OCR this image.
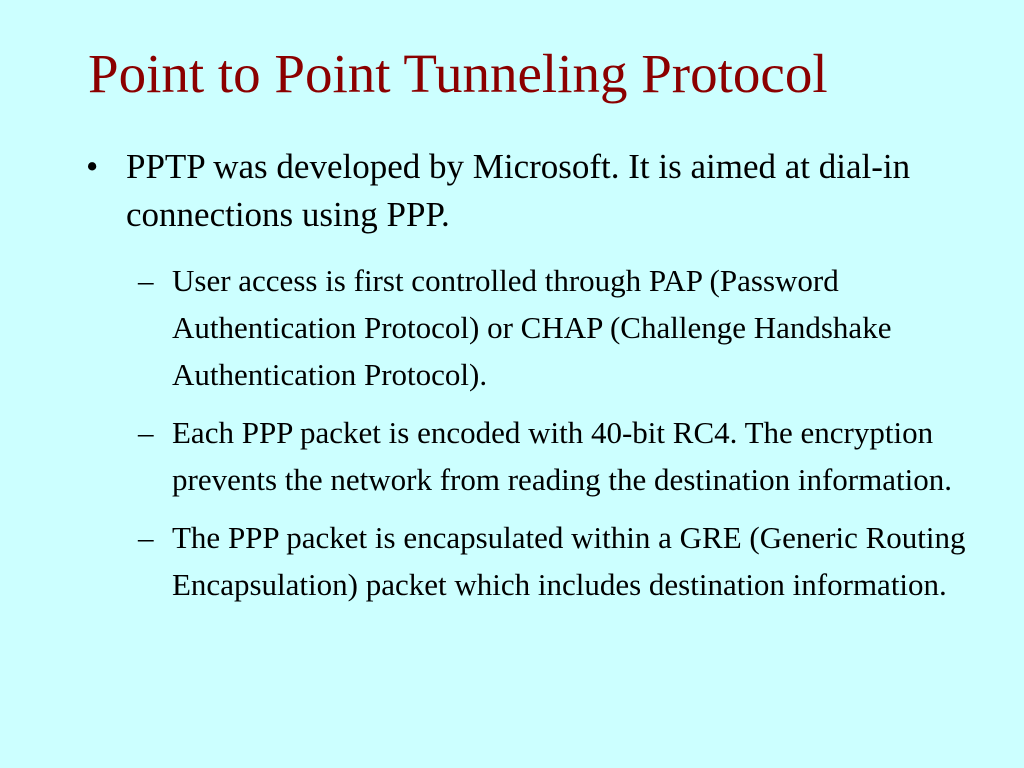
Point to Point Tunneling Protocol
• PPTP was developed by Microsoft. It is aimed at dial-in connections using PPP.
– User access is first controlled through PAP (Password Authentication Protocol) or CHAP (Challenge Handshake Authentication Protocol).
– Each PPP packet is encoded with 40-bit RC4. The encryption prevents the network from reading the destination information.
– The PPP packet is encapsulated within a GRE (Generic Routing Encapsulation) packet which includes destination information.
